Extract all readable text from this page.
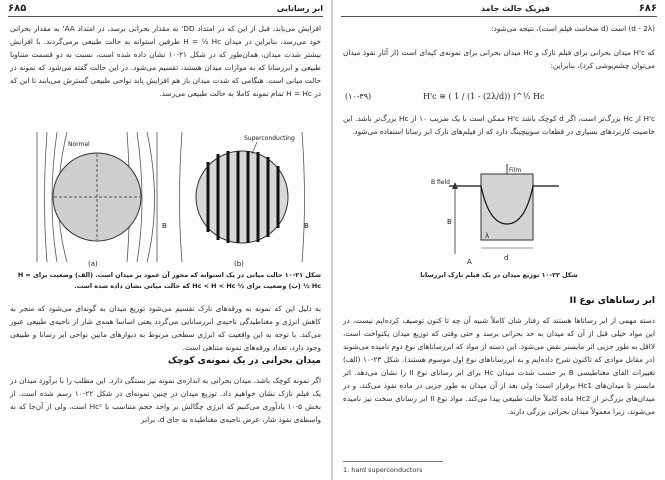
۶۸۵	ابر رسانایی

افزایش می‌یابد، قبل از این که در امتداد DD' به مقدار بحرانی برسد، در امتداد AA' به مقدار بحرانی خود می‌رسد، بنابراین در میدان H = ½ Hc طرفین استوانه به حالت طبیعی برمی‌گردند. با افزایش بیشتر شدت میدان، همان‌طور که در شکل ۲۱-۱۰ نشان داده شده است، نسبت به دو قسمت متناوبا طبیعی و ابررسانا که به موازات میدان هستند، تقسیم می‌شود. در این حالت گفته می‌شود که نمونه در حالت میانی است. هنگامی که شدت میدان باز هم افزایش یابد نواحی طبیعی گسترش می‌یابند تا این که در H = Hc تمام نمونه کاملا به حالت طبیعی می‌رسد.

Normal
B
(a)
Superconducting
B
(b)
شکل ۲۱-۱۰ حالت میانی در یک استوانه که محور آن عمود بر میدان است. (الف) وضعیت برای H = ½ Hc (ب) وضعیت برای ½ Hc < H < Hc که حالت میانی نشان داده شده است.

به دلیل این که نمونه به ورقه‌های نازک تقسیم می‌شود توزیع میدان به گونه‌ای می‌شود که منجر به کاهش انرژی و مغناطیدگی ناحیه‌ی ابررسانایی می‌گردد یعنی اساسا همه‌ی شار از ناحیه‌ی طبیعی عبور می‌کند. با توجه به این واقعیت که انرژی سطحی مربوط به دیوارهای مابین نواحی ابر رسانا و طبیعی وجود دارد، تعداد ورقه‌های نمونه متناهی است.

میدان بحرانی در یک نمونه‌ی کوچک

اگر نمونه کوچک باشد، میدان بحرانی به اندازه‌ی نمونه نیز بستگی دارد. این مطلب را با برآورد میدان در یک فیلم نازک نشان خواهیم داد. توزیع میدان در چنین نمونه‌ای در شکل ۲۲-۱۰ رسم شده است. از بخش ۵-۱۰ یادآوری می‌کنیم که انرژی چگالش بر واحد حجم متناسب با Hc² است، ولی از آن‌جا که به واسطه‌ی نفوذ شار، عرض ناحیه‌ی مغناطیده به جای d، برابر

۶۸۶
فیزیک حالت جامد

(d - 2λ) است (d ضخامت فیلم است)، نتیجه می‌شود:

که H'c میدان بحرانی برای فیلم نازک و Hc میدان بحرانی برای نمونه‌ی کپه‌ای است (از آثار نفوذ میدان می‌توان چشم‌پوشی کرد)، بنابراین:

H'c ≅ ( 1 / (1 - (2λ/d)) )^½ Hc
(۱۰-۳۹)

H'c از Hc بزرگ‌تر است، اگر d کوچک باشد H'c ممکن است با یک ضریب ۱۰ از Hc بزرگ‌تر باشد. این خاصیت کاربردهای بسیاری در قطعات سوییچینگ دارد که از فیلم‌های نازک ابر رسانا استفاده می‌شود.

Film
B field
B
d
λ
A
شکل ۲۲-۱۰ توزیع میدان در یک فیلم نازک ابررسانا
ابر رسانا‌های نوع II

دسته مهمی از ابر رساناها هستند که رفتار شان کاملاً شبیه آن چه تا کنون توصیف کرده‌ایم نیست، در این مواد خیلی قبل از آن که میدان به حد بحرانی برسد و حتی وقتی که توزیع میدان یکنواخت است، لااقل به طور جزیی اثر مایسنر نقض می‌شود. این دسته از مواد که ابررساناهای نوع دوم نامیده می‌شوند (در مقابل موادی که تاکنون شرح داده‌ایم و به ابررساناهای نوع اول موسوم هستند). شکل ۲۳-۱۰ (الف) تغییرات القای مغناطیسی B بر حسب شدت میدان Hc برای ابر رسانای نوع II را نشان می‌دهد. اثر مایسنر تا میدان‌های Hc1 برقرار است؛ ولی بعد از آن میدان به طور جزیی در ماده نفوذ می‌کند، و در میدان‌های بزرگ‌تر از Hc2 ماده کاملاً حالت طبیعی پیدا می‌کند. مواد نوع II ابر رسانای سخت نیز نامیده می‌شوند، زیرا معمولاً میدان بحرانی بزرگی دارند.

1. hard superconductors
